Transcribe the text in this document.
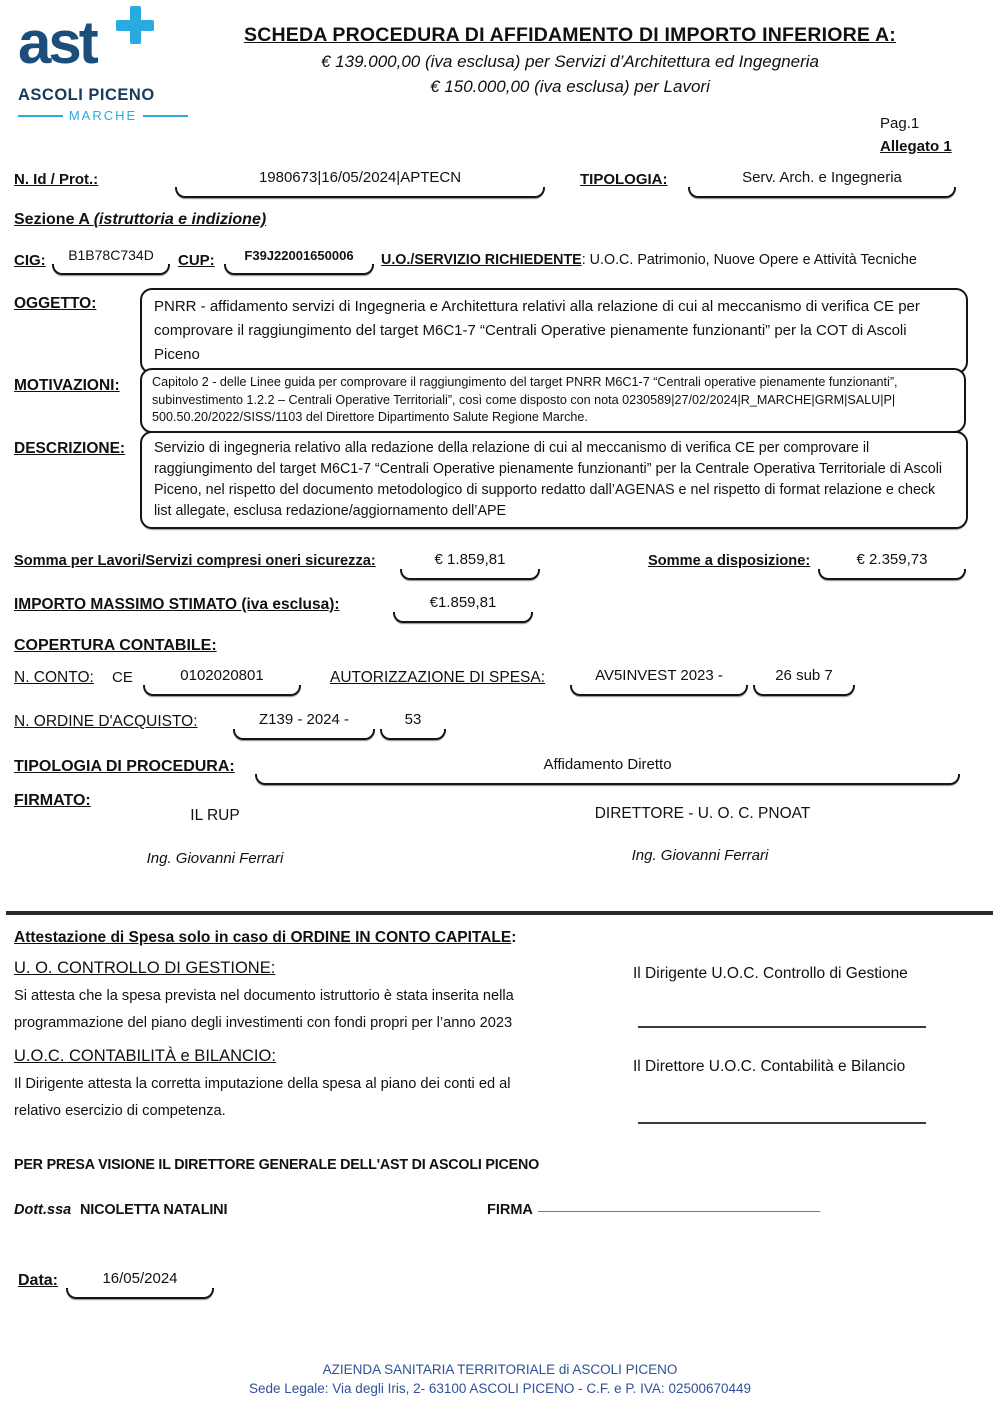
ast
ASCOLI PICENO
MARCHE
SCHEDA PROCEDURA DI AFFIDAMENTO DI IMPORTO INFERIORE A:
€ 139.000,00 (iva esclusa) per Servizi d’Architettura ed Ingegneria
€ 150.000,00 (iva esclusa) per Lavori
Pag.1
Allegato 1
N. Id / Prot.:	1980673|16/05/2024|APTECN	TIPOLOGIA:	Serv. Arch. e Ingegneria
Sezione A (istruttoria e indizione)
CIG:	B1B78C734D	CUP:	F39J22001650006	U.O./SERVIZIO RICHIEDENTE: U.O.C. Patrimonio, Nuove Opere e Attività Tecniche
OGGETTO:	PNRR - affidamento servizi di Ingegneria e Architettura relativi alla relazione di cui al meccanismo di verifica CE per comprovare il raggiungimento del target M6C1-7 “Centrali Operative pienamente funzionanti” per la COT di Ascoli Piceno

MOTIVAZIONI:	Capitolo 2 - delle Linee guida per comprovare il raggiungimento del target PNRR M6C1-7 “Centrali operative pienamente funzionanti”, subinvestimento 1.2.2 – Centrali Operative Territoriali”, così come disposto con nota 0230589|27/02/2024|R_MARCHE|GRM|SALU|P| 500.50.20/2022/SISS/1103 del Direttore Dipartimento Salute Regione Marche.

DESCRIZIONE: Servizio di ingegneria relativo alla redazione della relazione di cui al meccanismo di verifica CE per comprovare il raggiungimento del target M6C1-7 “Centrali Operative pienamente funzionanti” per la Centrale Operativa Territoriale di Ascoli Piceno, nel rispetto del documento metodologico di supporto redatto dall’AGENAS e nel rispetto di format relazione e check list allegate, esclusa redazione/aggiornamento dell’APE

Somma per Lavori/Servizi compresi oneri sicurezza:	€ 1.859,81	Somme a disposizione:	€ 2.359,73
IMPORTO MASSIMO STIMATO (iva esclusa):	€1.859,81
COPERTURA CONTABILE:
N. CONTO: CE	0102020801	AUTORIZZAZIONE DI SPESA:	AV5INVEST 2023 -	26 sub 7
N. ORDINE D'ACQUISTO:	Z139 - 2024 -	53
TIPOLOGIA DI PROCEDURA:	Affidamento Diretto
FIRMATO:
IL RUP	DIRETTORE - U. O. C. PNOAT
Ing. Giovanni Ferrari	Ing. Giovanni Ferrari
Attestazione di Spesa solo in caso di ORDINE IN CONTO CAPITALE:
U. O. CONTROLLO DI GESTIONE:
Si attesta che la spesa prevista nel documento istruttorio è stata inserita nella programmazione del piano degli investimenti con fondi propri per l’anno 2023
Il Dirigente U.O.C. Controllo di Gestione
U.O.C. CONTABILITÀ e BILANCIO:
Il Dirigente attesta la corretta imputazione della spesa al piano dei conti ed al relativo esercizio di competenza.
Il Direttore U.O.C. Contabilità e Bilancio
PER PRESA VISIONE IL DIRETTORE GENERALE DELL'AST DI ASCOLI PICENO
Dott.ssa NICOLETTA NATALINI	FIRMA ___________________________________
Data:	16/05/2024
AZIENDA SANITARIA TERRITORIALE di ASCOLI PICENO
Sede Legale: Via degli Iris, 2- 63100 ASCOLI PICENO - C.F. e P. IVA: 02500670449
